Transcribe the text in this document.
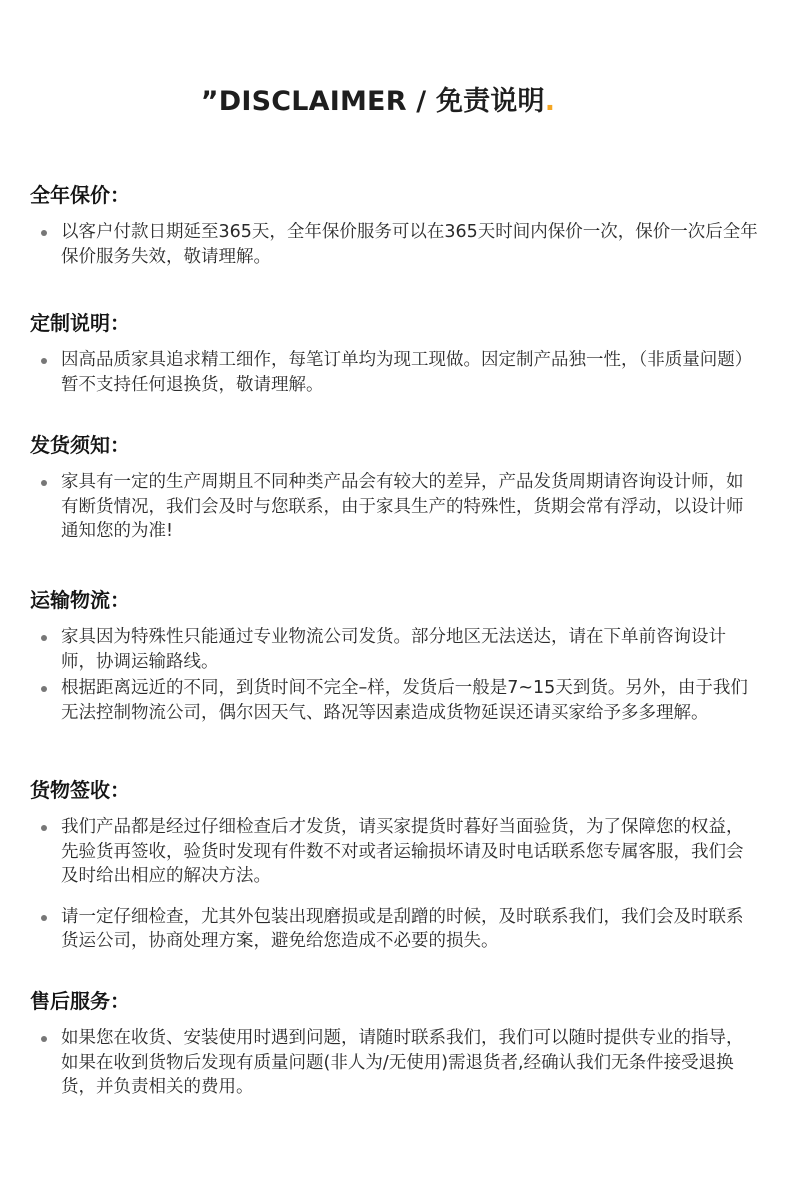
”DISCLAIMER / 免责说明.
全年保价：
以客户付款日期延至365天，全年保价服务可以在365天时间内保价一次，保价一次后全年保价服务失效，敬请理解。
定制说明：
因高品质家具追求精工细作，每笔订单均为现工现做。因定制产品独一性，（非质量问题）暂不支持任何退换货，敬请理解。
发货须知：
家具有一定的生产周期且不同种类产品会有较大的差异，产品发货周期请咨询设计师，如有断货情况，我们会及时与您联系，由于家具生产的特殊性，货期会常有浮动，以设计师通知您的为准!
运输物流：
家具因为特殊性只能通过专业物流公司发货。部分地区无法送达，请在下单前咨询设计师，协调运输路线。
根据距离远近的不同，到货时间不完全–样，发货后一般是7~15天到货。另外，由于我们无法控制物流公司，偶尔因天气、路况等因素造成货物延误还请买家给予多多理解。
货物签收：
我们产品都是经过仔细检查后才发货，请买家提货时暮好当面验货，为了保障您的权益，先验货再签收，验货时发现有件数不对或者运输损坏请及时电话联系您专属客服，我们会及时给出相应的解决方法。
请一定仔细检查，尤其外包装出现磨损或是刮蹭的时候，及时联系我们，我们会及时联系货运公司，协商处理方案，避免给您造成不必要的损失。
售后服务：
如果您在收货、安装使用时遇到问题，请随时联系我们，我们可以随时提供专业的指导，如果在收到货物后发现有质量问题(非人为/无使用)需退货者,经确认我们无条件接受退换货，并负责相关的费用。
